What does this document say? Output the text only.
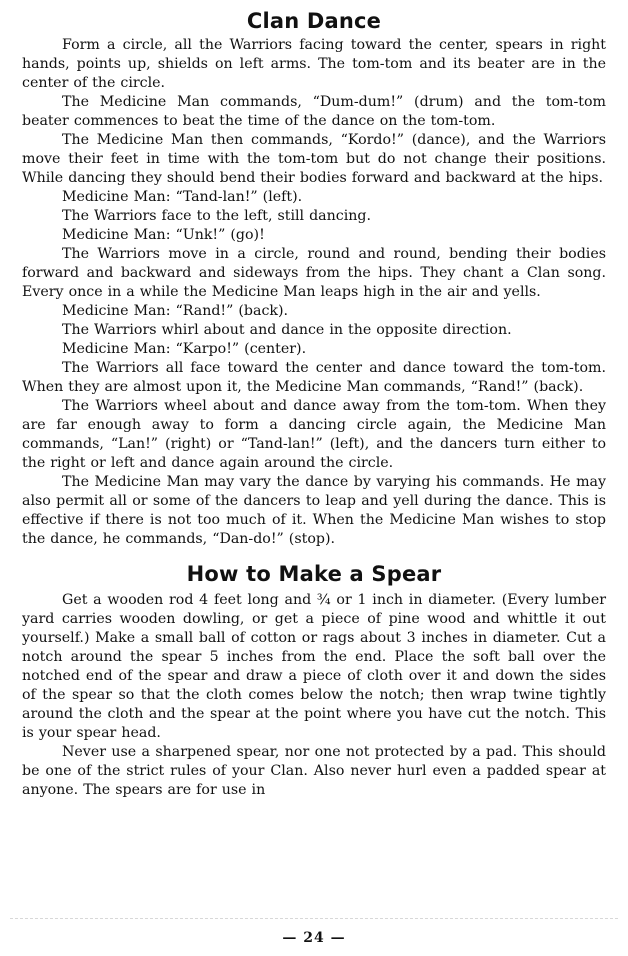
Clan Dance

Form a circle, all the Warriors facing toward the center, spears in right hands, points up, shields on left arms. The tom-tom and its beater are in the center of the circle.

The Medicine Man commands, “Dum-dum!” (drum) and the tom-tom beater commences to beat the time of the dance on the tom-tom.

The Medicine Man then commands, “Kordo!” (dance), and the Warriors move their feet in time with the tom-tom but do not change their positions. While dancing they should bend their bodies forward and backward at the hips.

Medicine Man: “Tand-lan!” (left).

The Warriors face to the left, still dancing.

Medicine Man: “Unk!” (go)!

The Warriors move in a circle, round and round, bending their bodies forward and backward and sideways from the hips. They chant a Clan song. Every once in a while the Medicine Man leaps high in the air and yells.

Medicine Man: “Rand!” (back).

The Warriors whirl about and dance in the opposite direction.

Medicine Man: “Karpo!” (center).

The Warriors all face toward the center and dance toward the tom-tom. When they are almost upon it, the Medicine Man commands, “Rand!” (back).

The Warriors wheel about and dance away from the tom-tom. When they are far enough away to form a dancing circle again, the Medicine Man commands, “Lan!” (right) or “Tand-lan!” (left), and the dancers turn either to the right or left and dance again around the circle.

The Medicine Man may vary the dance by varying his commands. He may also permit all or some of the dancers to leap and yell during the dance. This is effective if there is not too much of it. When the Medicine Man wishes to stop the dance, he commands, “Dan-do!” (stop).

How to Make a Spear

Get a wooden rod 4 feet long and ¾ or 1 inch in diameter. (Every lumber yard carries wooden dowling, or get a piece of pine wood and whittle it out yourself.) Make a small ball of cotton or rags about 3 inches in diameter. Cut a notch around the spear 5 inches from the end. Place the soft ball over the notched end of the spear and draw a piece of cloth over it and down the sides of the spear so that the cloth comes below the notch; then wrap twine tightly around the cloth and the spear at the point where you have cut the notch. This is your spear head.

Never use a sharpened spear, nor one not protected by a pad. This should be one of the strict rules of your Clan. Also never hurl even a padded spear at anyone. The spears are for use in

— 24 —
